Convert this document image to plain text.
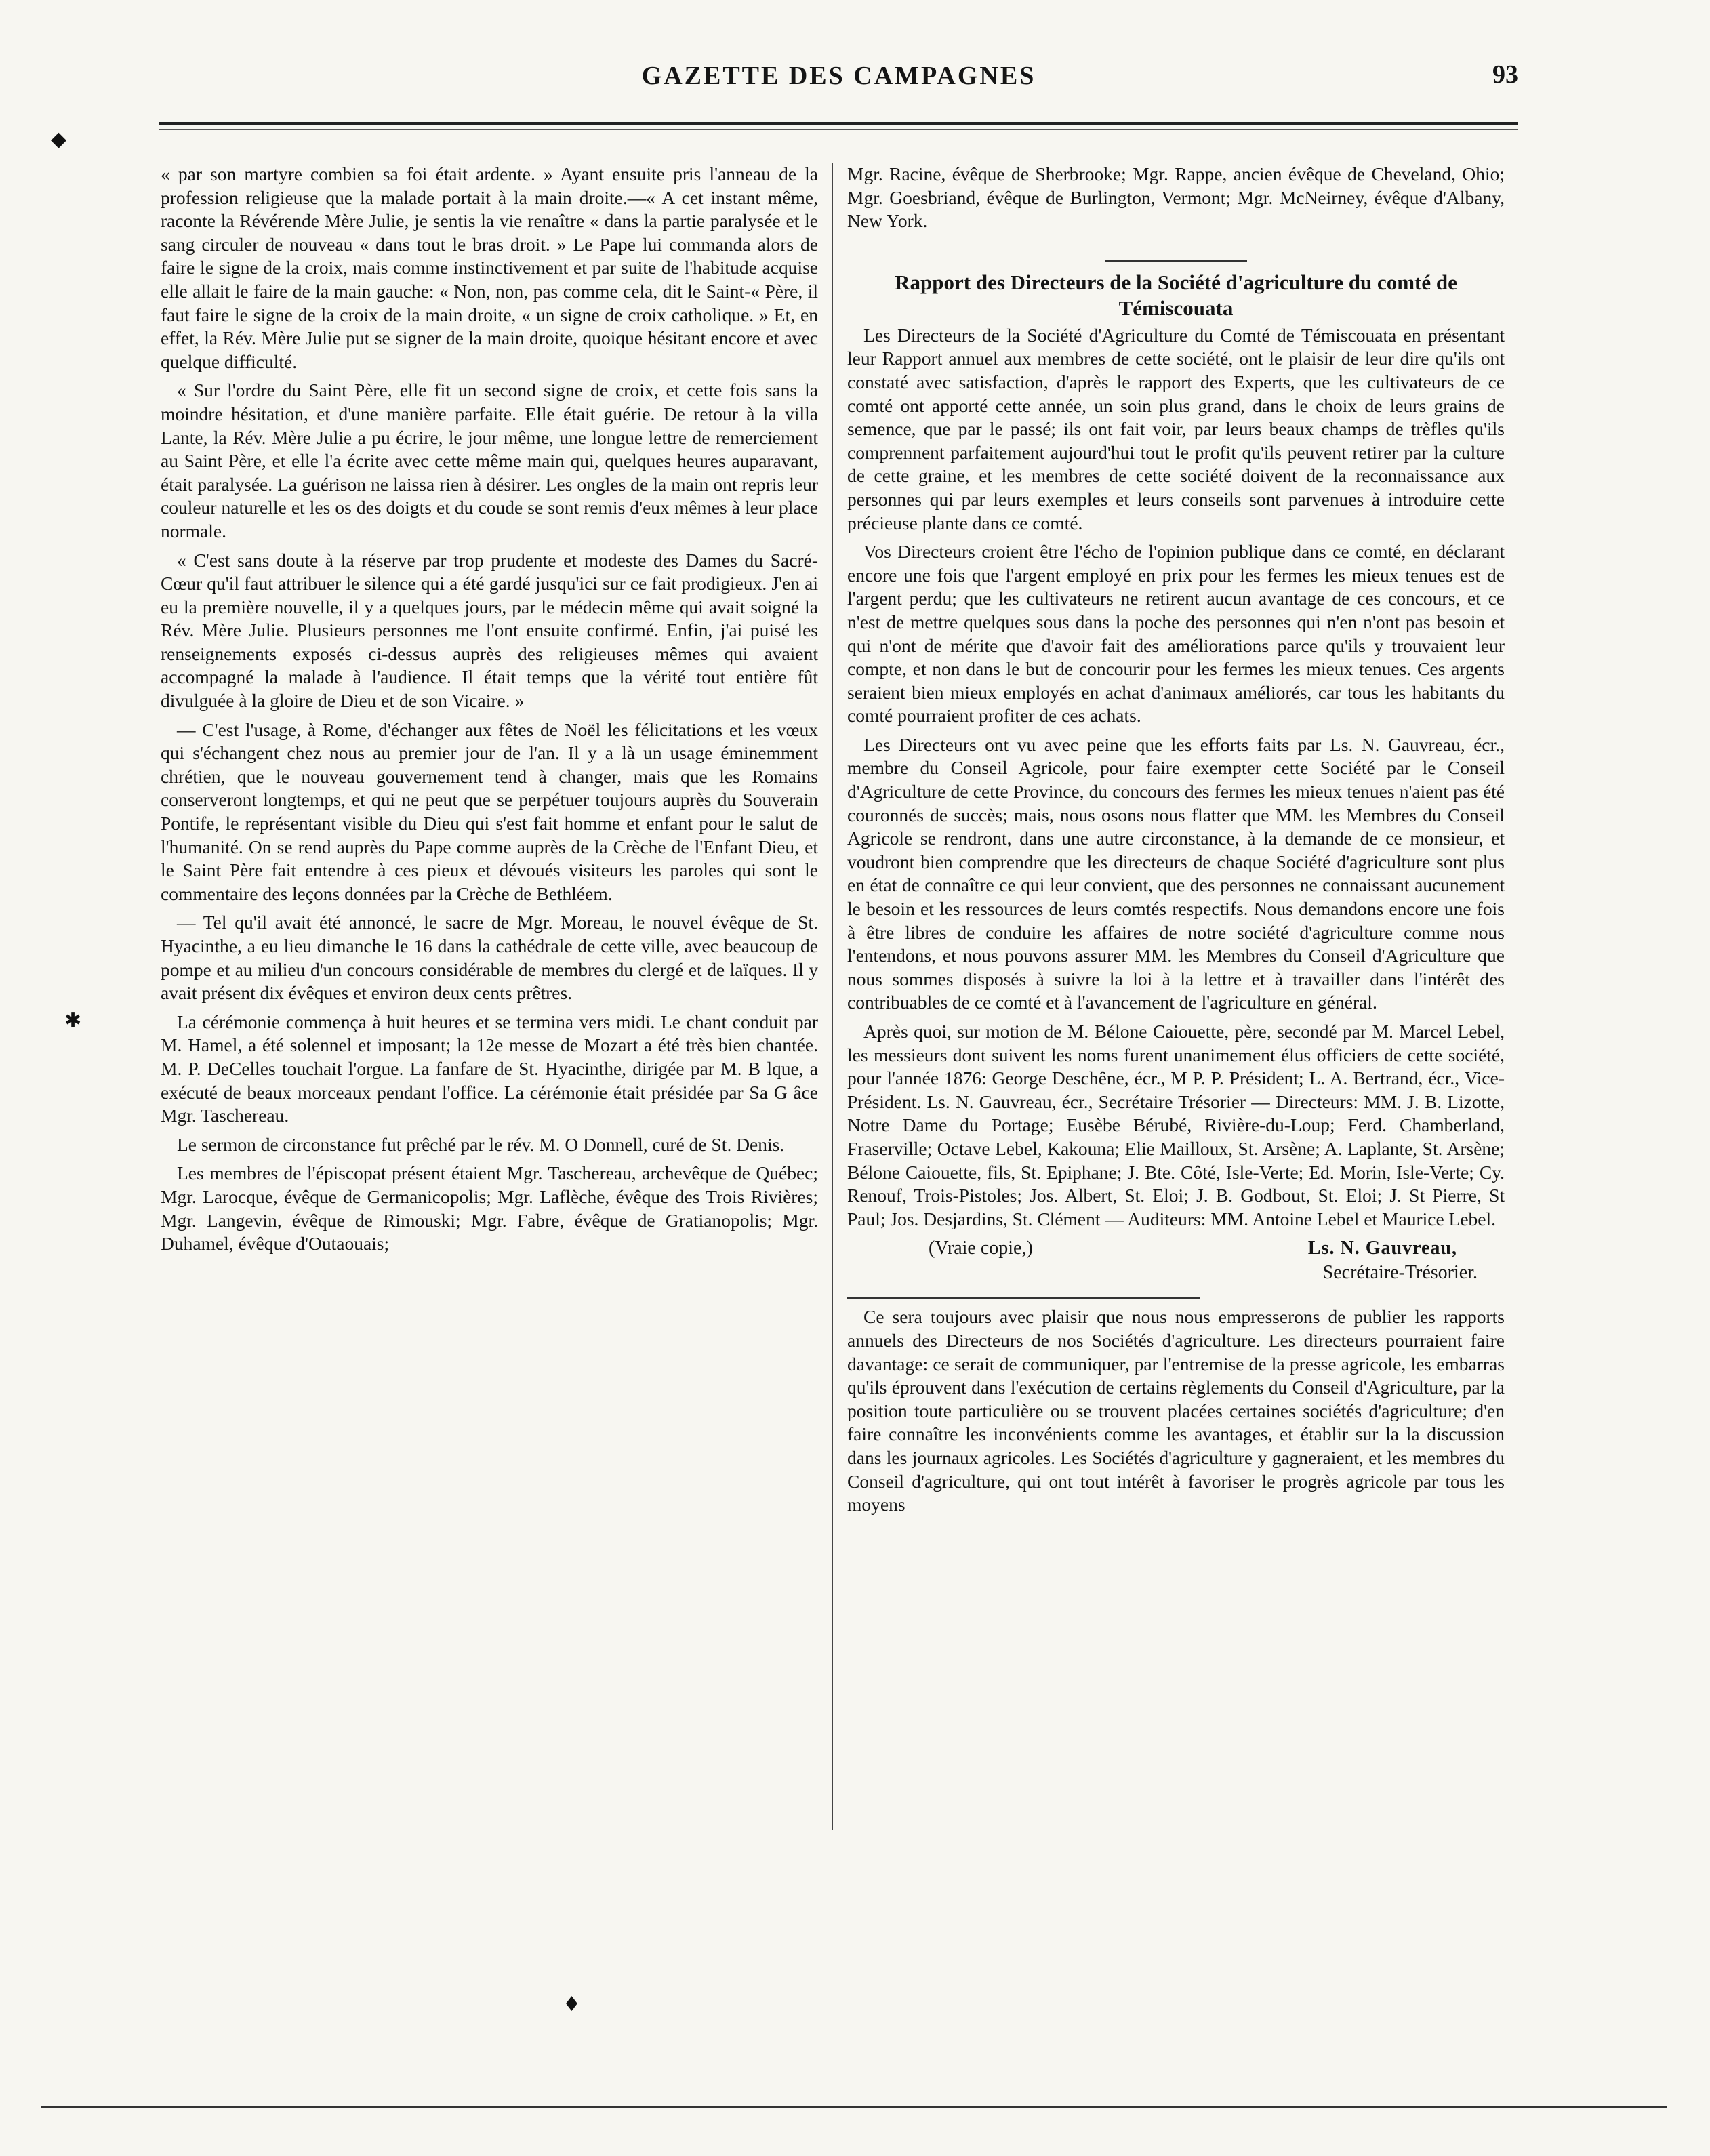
GAZETTE DES CAMPAGNES	93
◆
✱
♦

« par son martyre combien sa foi était ardente. » Ayant ensuite pris l'anneau de la profession religieuse que la malade portait à la main droite.—« A cet instant même, raconte la Révérende Mère Julie, je sentis la vie renaître « dans la partie paralysée et le sang circuler de nouveau « dans tout le bras droit. » Le Pape lui commanda alors de faire le signe de la croix, mais comme instinctivement et par suite de l'habitude acquise elle allait le faire de la main gauche: « Non, non, pas comme cela, dit le Saint-« Père, il faut faire le signe de la croix de la main droite, « un signe de croix catholique. » Et, en effet, la Rév. Mère Julie put se signer de la main droite, quoique hésitant encore et avec quelque difficulté.

« Sur l'ordre du Saint Père, elle fit un second signe de croix, et cette fois sans la moindre hésitation, et d'une manière parfaite. Elle était guérie. De retour à la villa Lante, la Rév. Mère Julie a pu écrire, le jour même, une longue lettre de remerciement au Saint Père, et elle l'a écrite avec cette même main qui, quelques heures auparavant, était paralysée. La guérison ne laissa rien à désirer. Les ongles de la main ont repris leur couleur naturelle et les os des doigts et du coude se sont remis d'eux mêmes à leur place normale.

« C'est sans doute à la réserve par trop prudente et modeste des Dames du Sacré-Cœur qu'il faut attribuer le silence qui a été gardé jusqu'ici sur ce fait prodigieux. J'en ai eu la première nouvelle, il y a quelques jours, par le médecin même qui avait soigné la Rév. Mère Julie. Plusieurs personnes me l'ont ensuite confirmé. Enfin, j'ai puisé les renseignements exposés ci-dessus auprès des religieuses mêmes qui avaient accompagné la malade à l'audience. Il était temps que la vérité tout entière fût divulguée à la gloire de Dieu et de son Vicaire. »

— C'est l'usage, à Rome, d'échanger aux fêtes de Noël les félicitations et les vœux qui s'échangent chez nous au premier jour de l'an. Il y a là un usage éminemment chrétien, que le nouveau gouvernement tend à changer, mais que les Romains conserveront longtemps, et qui ne peut que se perpétuer toujours auprès du Souverain Pontife, le représentant visible du Dieu qui s'est fait homme et enfant pour le salut de l'humanité. On se rend auprès du Pape comme auprès de la Crèche de l'Enfant Dieu, et le Saint Père fait entendre à ces pieux et dévoués visiteurs les paroles qui sont le commentaire des leçons données par la Crèche de Bethléem.

— Tel qu'il avait été annoncé, le sacre de Mgr. Moreau, le nouvel évêque de St. Hyacinthe, a eu lieu dimanche le 16 dans la cathédrale de cette ville, avec beaucoup de pompe et au milieu d'un concours considérable de membres du clergé et de laïques. Il y avait présent dix évêques et environ deux cents prêtres.

La cérémonie commença à huit heures et se termina vers midi. Le chant conduit par M. Hamel, a été solennel et imposant; la 12e messe de Mozart a été très bien chantée. M. P. DeCelles touchait l'orgue. La fanfare de St. Hyacinthe, dirigée par M. B lque, a exécuté de beaux morceaux pendant l'office. La cérémonie était présidée par Sa G âce Mgr. Taschereau.

Le sermon de circonstance fut prêché par le rév. M. O Donnell, curé de St. Denis.

Les membres de l'épiscopat présent étaient Mgr. Taschereau, archevêque de Québec; Mgr. Larocque, évêque de Germanicopolis; Mgr. Laflèche, évêque des Trois Rivières; Mgr. Langevin, évêque de Rimouski; Mgr. Fabre, évêque de Gratianopolis; Mgr. Duhamel, évêque d'Outaouais;

Mgr. Racine, évêque de Sherbrooke; Mgr. Rappe, ancien évêque de Cheveland, Ohio; Mgr. Goesbriand, évêque de Burlington, Vermont; Mgr. McNeirney, évêque d'Albany, New York.

Rapport des Directeurs de la Société d'agriculture du comté de Témiscouata

Les Directeurs de la Société d'Agriculture du Comté de Témiscouata en présentant leur Rapport annuel aux membres de cette société, ont le plaisir de leur dire qu'ils ont constaté avec satisfaction, d'après le rapport des Experts, que les cultivateurs de ce comté ont apporté cette année, un soin plus grand, dans le choix de leurs grains de semence, que par le passé; ils ont fait voir, par leurs beaux champs de trèfles qu'ils comprennent parfaitement aujourd'hui tout le profit qu'ils peuvent retirer par la culture de cette graine, et les membres de cette société doivent de la reconnaissance aux personnes qui par leurs exemples et leurs conseils sont parvenues à introduire cette précieuse plante dans ce comté.

Vos Directeurs croient être l'écho de l'opinion publique dans ce comté, en déclarant encore une fois que l'argent employé en prix pour les fermes les mieux tenues est de l'argent perdu; que les cultivateurs ne retirent aucun avantage de ces concours, et ce n'est de mettre quelques sous dans la poche des personnes qui n'en n'ont pas besoin et qui n'ont de mérite que d'avoir fait des améliorations parce qu'ils y trouvaient leur compte, et non dans le but de concourir pour les fermes les mieux tenues. Ces argents seraient bien mieux employés en achat d'animaux améliorés, car tous les habitants du comté pourraient profiter de ces achats.

Les Directeurs ont vu avec peine que les efforts faits par Ls. N. Gauvreau, écr., membre du Conseil Agricole, pour faire exempter cette Société par le Conseil d'Agriculture de cette Province, du concours des fermes les mieux tenues n'aient pas été couronnés de succès; mais, nous osons nous flatter que MM. les Membres du Conseil Agricole se rendront, dans une autre circonstance, à la demande de ce monsieur, et voudront bien comprendre que les directeurs de chaque Société d'agriculture sont plus en état de connaître ce qui leur convient, que des personnes ne connaissant aucunement le besoin et les ressources de leurs comtés respectifs. Nous demandons encore une fois à être libres de conduire les affaires de notre société d'agriculture comme nous l'entendons, et nous pouvons assurer MM. les Membres du Conseil d'Agriculture que nous sommes disposés à suivre la loi à la lettre et à travailler dans l'intérêt des contribuables de ce comté et à l'avancement de l'agriculture en général.

Après quoi, sur motion de M. Bélone Caiouette, père, secondé par M. Marcel Lebel, les messieurs dont suivent les noms furent unanimement élus officiers de cette société, pour l'année 1876: George Deschêne, écr., M P. P. Président; L. A. Bertrand, écr., Vice-Président. Ls. N. Gauvreau, écr., Secrétaire Trésorier — Directeurs: MM. J. B. Lizotte, Notre Dame du Portage; Eusèbe Bérubé, Rivière-du-Loup; Ferd. Chamberland, Fraserville; Octave Lebel, Kakouna; Elie Mailloux, St. Arsène; A. Laplante, St. Arsène; Bélone Caiouette, fils, St. Epiphane; J. Bte. Côté, Isle-Verte; Ed. Morin, Isle-Verte; Cy. Renouf, Trois-Pistoles; Jos. Albert, St. Eloi; J. B. Godbout, St. Eloi; J. St Pierre, St Paul; Jos. Desjardins, St. Clément — Auditeurs: MM. Antoine Lebel et Maurice Lebel.

(Vraie copie,)	Ls. N. Gauvreau,
Secrétaire-Trésorier.

Ce sera toujours avec plaisir que nous nous empresserons de publier les rapports annuels des Directeurs de nos Sociétés d'agriculture. Les directeurs pourraient faire davantage: ce serait de communiquer, par l'entremise de la presse agricole, les embarras qu'ils éprouvent dans l'exécution de certains règlements du Conseil d'Agriculture, par la position toute particulière ou se trouvent placées certaines sociétés d'agriculture; d'en faire connaître les inconvénients comme les avantages, et établir sur la la discussion dans les journaux agricoles. Les Sociétés d'agriculture y gagneraient, et les membres du Conseil d'agriculture, qui ont tout intérêt à favoriser le progrès agricole par tous les moyens
